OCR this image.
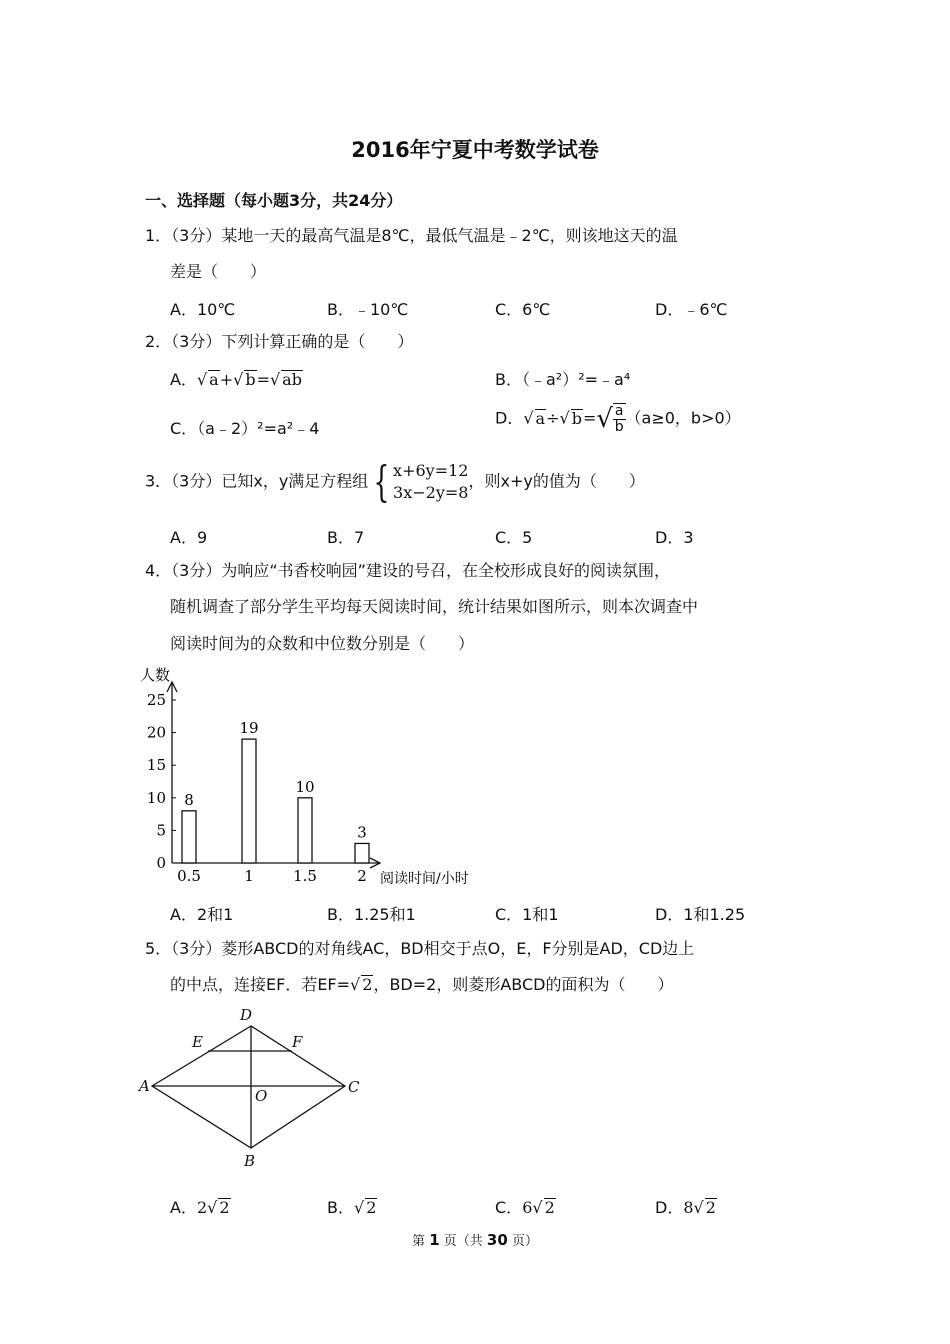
2016年宁夏中考数学试卷
一、选择题（每小题3分，共24分）
1．（3分）某地一天的最高气温是8℃，最低气温是﹣2℃，则该地这天的温
差是（　　）
A．10℃	B．﹣10℃	C．6℃	D．﹣6℃
2．（3分）下列计算正确的是（　　）
A．√ a+√ b=√ ab	B．（﹣a²）²=﹣a⁴
C．（a﹣2）²=a²﹣4
D．√ a÷√ $b=√ \frac{a}{b} (a\ge 0$，b>0）
3．（3分）已知x，y满足方程组 { x+6y=12
3x−2y=8
，则x+y的值为（　　）
A．9	B．7	C．5	D．3
4．（3分）为响应“书香校响园”建设的号召，在全校形成良好的阅读氛围，
随机调查了部分学生平均每天阅读时间，统计结果如图所示，则本次调查中
阅读时间为的众数和中位数分别是（　　）
人数
阅读时间/小时
0
5
10
15
20
25
8
0.5
19
1
10
1.5
3
2
A．2和1	B．1.25和1	C．1和1	D．1和1.25
5．（3分）菱形ABCD的对角线AC，BD相交于点O，E，F分别是AD，CD边上
的中点，连接EF．若EF=√ 2，BD=2，则菱形ABCD的面积为（　　）
D
E	F
A	C
O
B
A．2√ 2	B．√ 2	C．6√ 2	D．8√ 2
第 1 页（共 30 页）
